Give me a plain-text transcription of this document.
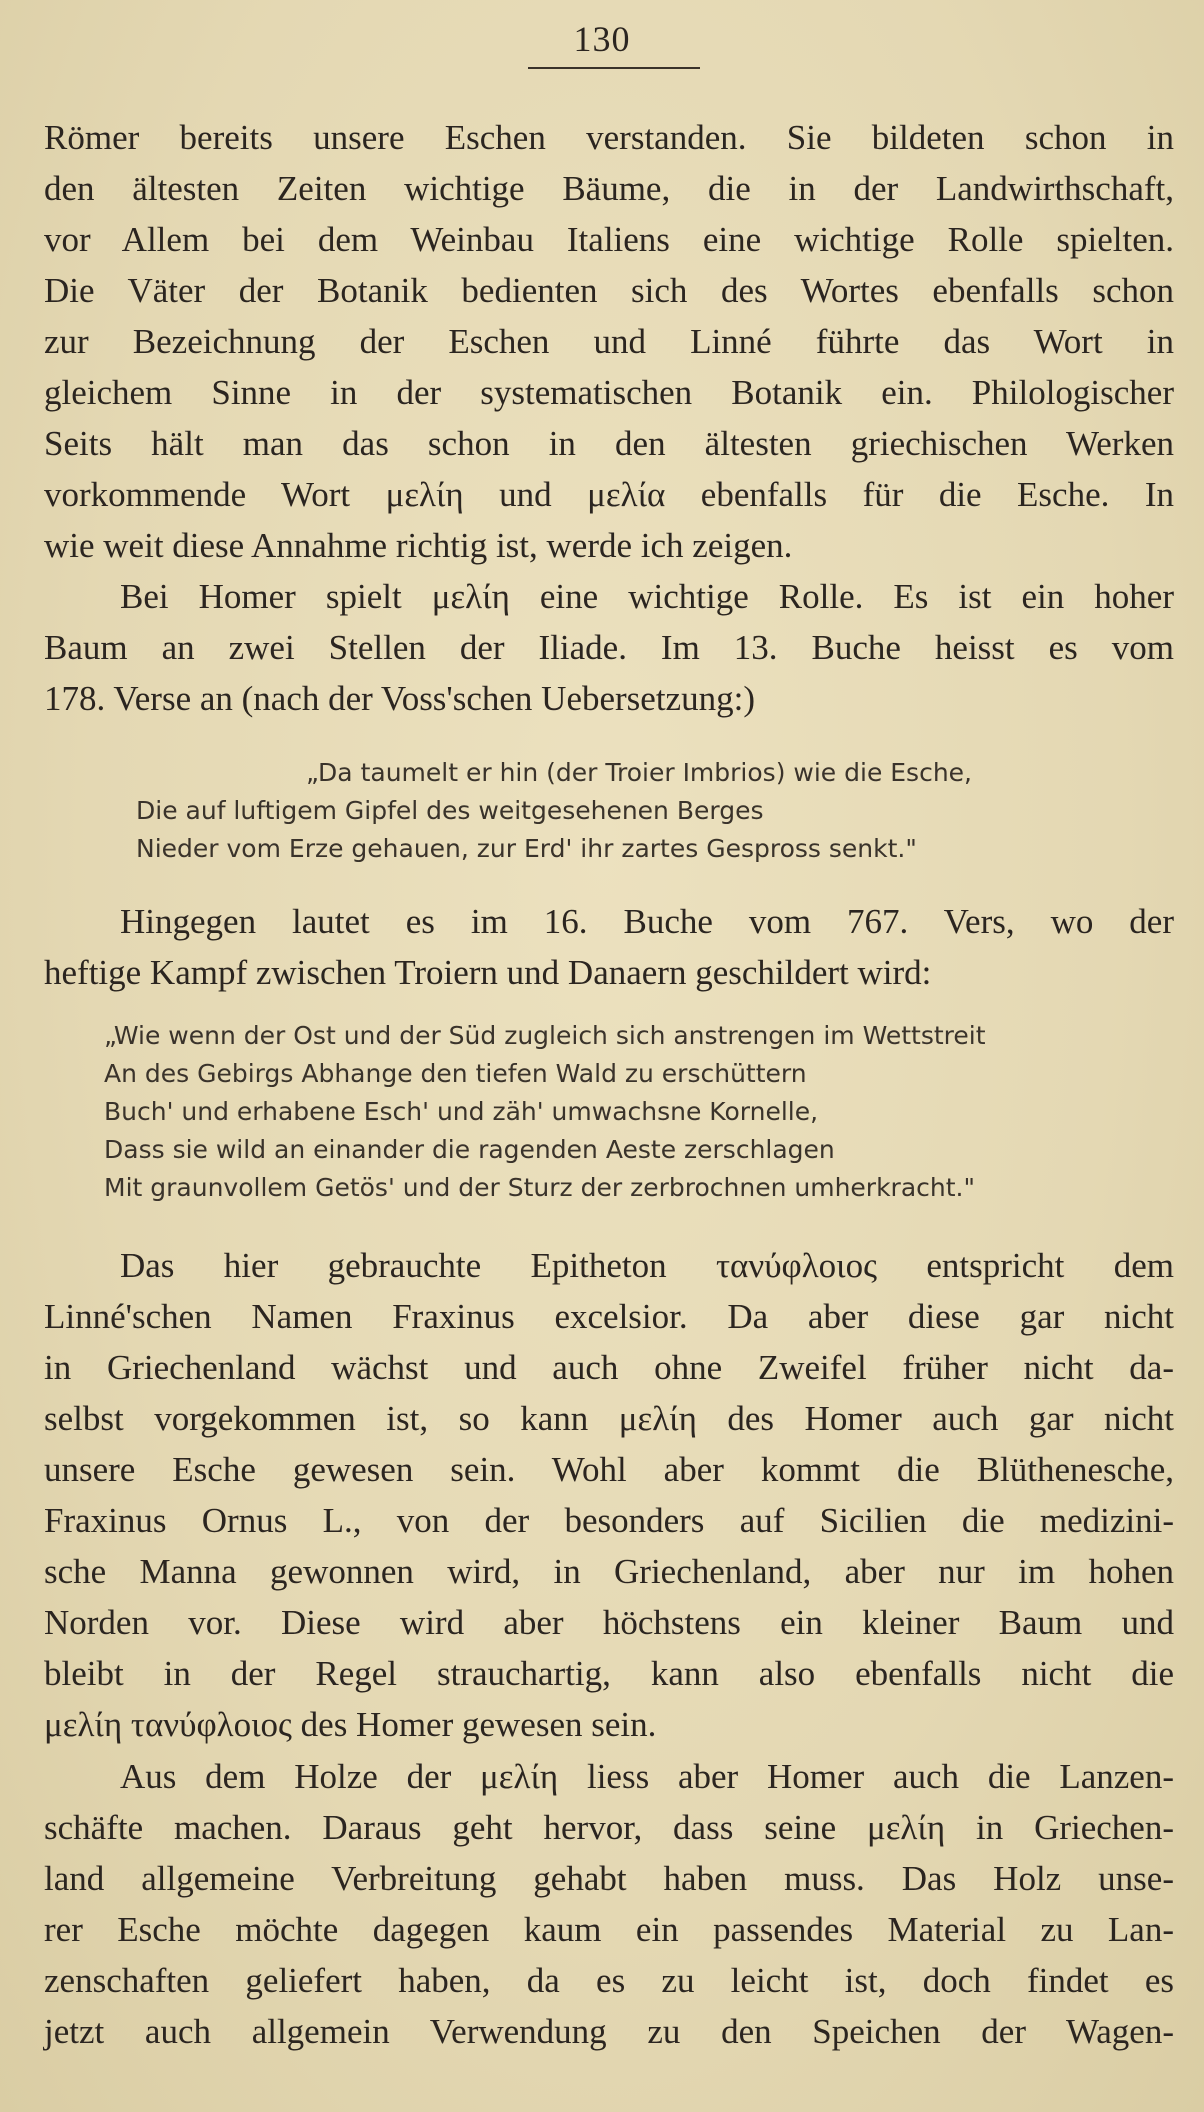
130

Römer bereits unsere Eschen verstanden. Sie bildeten schon in
den ältesten Zeiten wichtige Bäume, die in der Landwirthschaft,
vor Allem bei dem Weinbau Italiens eine wichtige Rolle spielten.
Die Väter der Botanik bedienten sich des Wortes ebenfalls schon
zur Bezeichnung der Eschen und Linné führte das Wort in
gleichem Sinne in der systematischen Botanik ein. Philologischer
Seits hält man das schon in den ältesten griechischen Werken
vorkommende Wort μελίη und μελία ebenfalls für die Esche. In
wie weit diese Annahme richtig ist, werde ich zeigen.

Bei Homer spielt μελίη eine wichtige Rolle. Es ist ein hoher
Baum an zwei Stellen der Iliade. Im 13. Buche heisst es vom
178. Verse an (nach der Voss'schen Uebersetzung:)

„Da taumelt er hin (der Troier Imbrios) wie die Esche,
Die auf luftigem Gipfel des weitgesehenen Berges
Nieder vom Erze gehauen, zur Erd' ihr zartes Gespross senkt."

Hingegen lautet es im 16. Buche vom 767. Vers, wo der
heftige Kampf zwischen Troiern und Danaern geschildert wird:

„Wie wenn der Ost und der Süd zugleich sich anstrengen im Wettstreit
An des Gebirgs Abhange den tiefen Wald zu erschüttern
Buch' und erhabene Esch' und zäh' umwachsne Kornelle,
Dass sie wild an einander die ragenden Aeste zerschlagen
Mit graunvollem Getös' und der Sturz der zerbrochnen umherkracht."

Das hier gebrauchte Epitheton τανύφλοιος entspricht dem
Linné'schen Namen Fraxinus excelsior. Da aber diese gar nicht
in Griechenland wächst und auch ohne Zweifel früher nicht da-
selbst vorgekommen ist, so kann μελίη des Homer auch gar nicht
unsere Esche gewesen sein. Wohl aber kommt die Blüthenesche,
Fraxinus Ornus L., von der besonders auf Sicilien die medizini-
sche Manna gewonnen wird, in Griechenland, aber nur im hohen
Norden vor. Diese wird aber höchstens ein kleiner Baum und
bleibt in der Regel strauchartig, kann also ebenfalls nicht die
μελίη τανύφλοιος des Homer gewesen sein.

Aus dem Holze der μελίη liess aber Homer auch die Lanzen-
schäfte machen. Daraus geht hervor, dass seine μελίη in Griechen-
land allgemeine Verbreitung gehabt haben muss. Das Holz unse-
rer Esche möchte dagegen kaum ein passendes Material zu Lan-
zenschaften geliefert haben, da es zu leicht ist, doch findet es
jetzt auch allgemein Verwendung zu den Speichen der Wagen-
